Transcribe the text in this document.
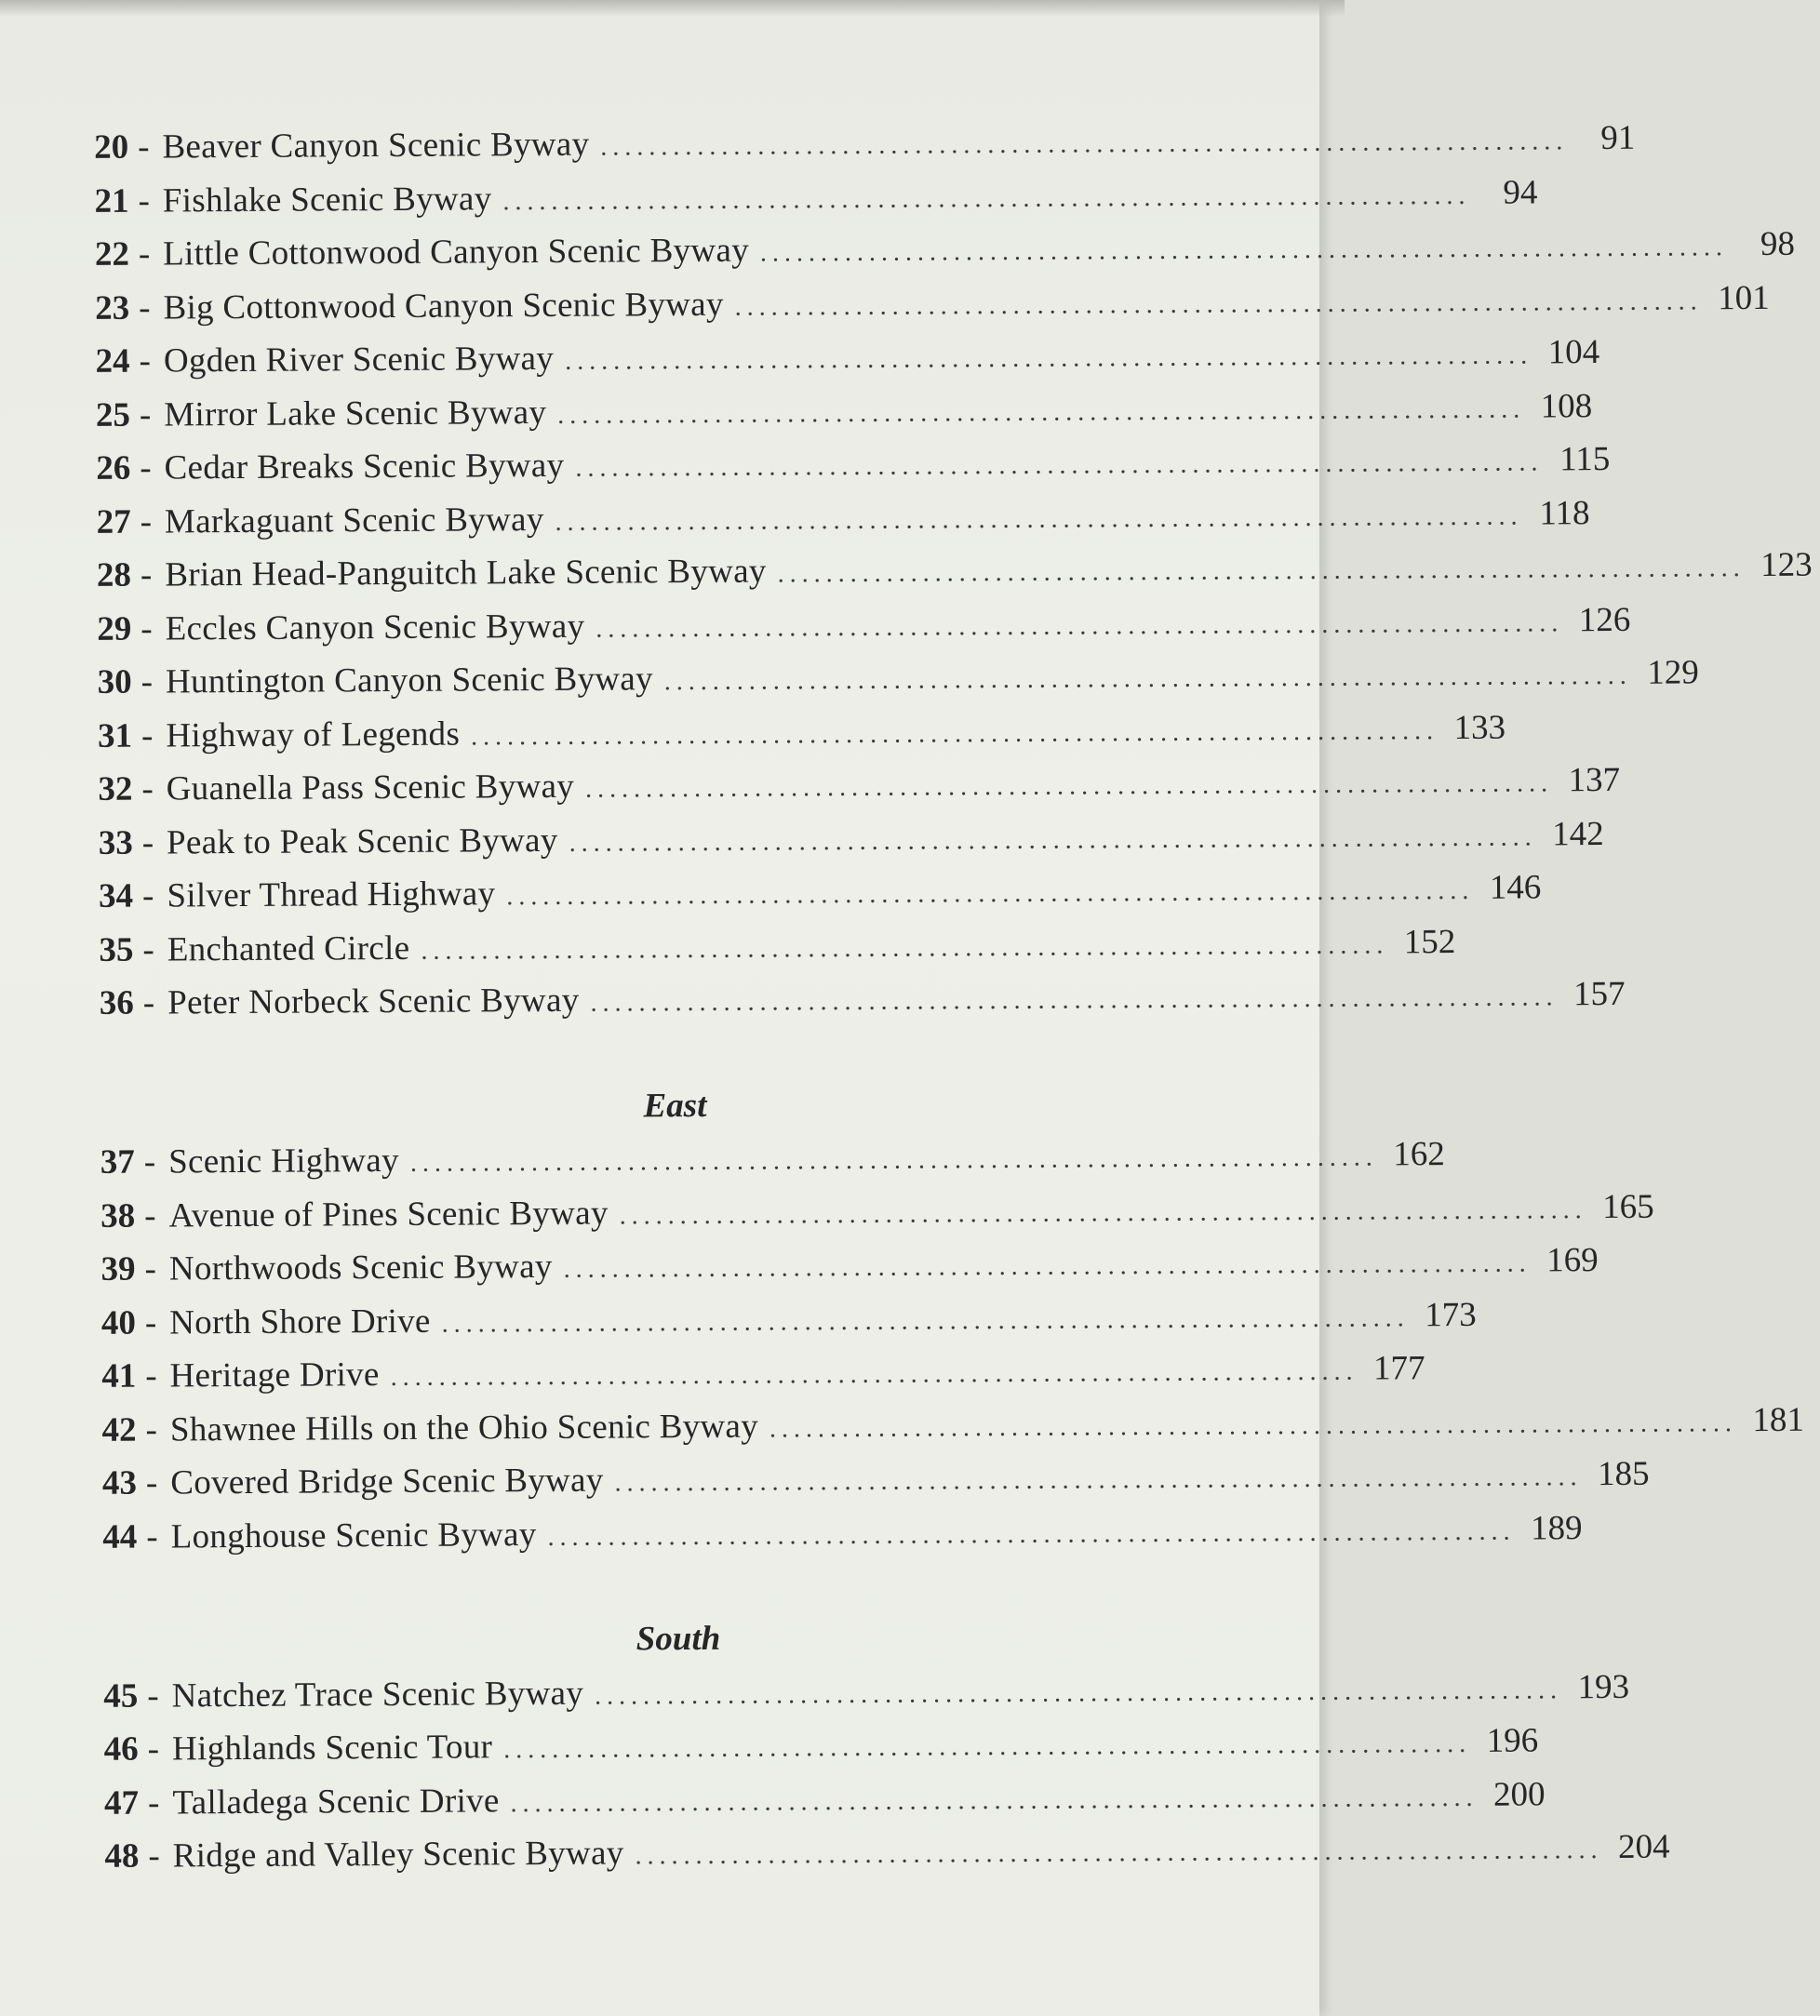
20 - Beaver Canyon Scenic Byway ................................................................................ 91
21 - Fishlake Scenic Byway ................................................................................ 94
22 - Little Cottonwood Canyon Scenic Byway ................................................................................ 98
23 - Big Cottonwood Canyon Scenic Byway ................................................................................ 101
24 - Ogden River Scenic Byway ................................................................................ 104
25 - Mirror Lake Scenic Byway ................................................................................ 108
26 - Cedar Breaks Scenic Byway ................................................................................ 115
27 - Markaguant Scenic Byway ................................................................................ 118
28 - Brian Head-Panguitch Lake Scenic Byway ................................................................................ 123
29 - Eccles Canyon Scenic Byway ................................................................................ 126
30 - Huntington Canyon Scenic Byway ................................................................................ 129
31 - Highway of Legends ................................................................................ 133
32 - Guanella Pass Scenic Byway ................................................................................ 137
33 - Peak to Peak Scenic Byway ................................................................................ 142
34 - Silver Thread Highway ................................................................................ 146
35 - Enchanted Circle ................................................................................ 152
36 - Peter Norbeck Scenic Byway ................................................................................ 157
East
37 - Scenic Highway ................................................................................ 162
38 - Avenue of Pines Scenic Byway ................................................................................ 165
39 - Northwoods Scenic Byway ................................................................................ 169
40 - North Shore Drive ................................................................................ 173
41 - Heritage Drive ................................................................................ 177
42 - Shawnee Hills on the Ohio Scenic Byway ................................................................................ 181
43 - Covered Bridge Scenic Byway ................................................................................ 185
44 - Longhouse Scenic Byway ................................................................................ 189
South
45 - Natchez Trace Scenic Byway ................................................................................ 193
46 - Highlands Scenic Tour ................................................................................ 196
47 - Talladega Scenic Drive ................................................................................ 200
48 - Ridge and Valley Scenic Byway ................................................................................ 204
